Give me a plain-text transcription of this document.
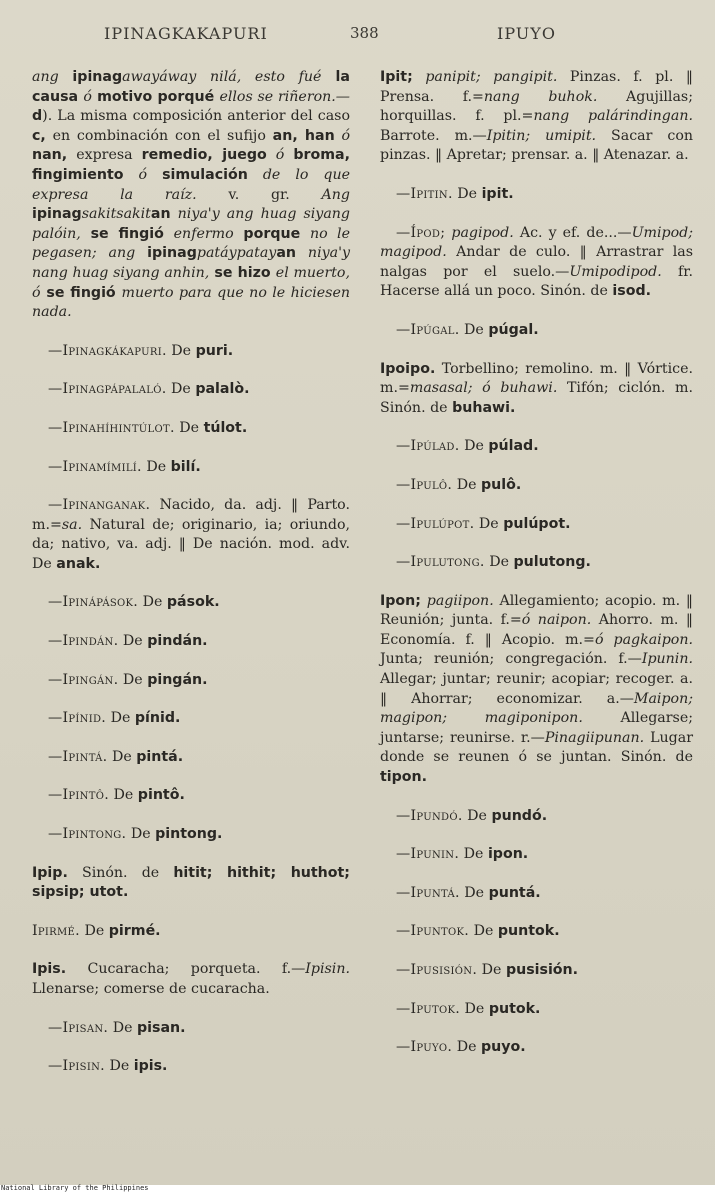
IPINAGKAKAPURI	388	IPUYO

ang ipinagawayáway nilá, esto fué la causa ó motivo porqué ellos se riñeron.—d). La misma composición anterior del caso c, en combinación con el sufijo an, han ó nan, expresa remedio, juego ó broma, fingimiento ó simulación de lo que expresa la raíz. v. gr. Ang ipinagsakitsakitan niya'y ang huag siyang palóin, se fingió enfermo porque no le pegasen; ang ipinagpatáypatayan niya'y nang huag siyang anhin, se hizo el muerto, ó se fingió muerto para que no le hiciesen nada.

—Ipinagkákapuri. De puri.

—Ipinagpápalaló. De palalò.

—Ipinahíhintúlot. De túlot.

—Ipinamímilí. De bilí.

—Ipinanganak. Nacido, da. adj. ‖ Parto. m.=sa. Natural de; originario, ia; oriundo, da; nativo, va. adj. ‖ De nación. mod. adv. De anak.

—Ipinápások. De pások.

—Ipindán. De pindán.

—Ipingán. De pingán.

—Ipínid. De pínid.

—Ipintá. De pintá.

—Ipintô. De pintô.

—Ipintong. De pintong.

Ipip. Sinón. de hitit; hithit; huthot; sipsip; utot.

Ipirmé. De pirmé.

Ipis. Cucaracha; porqueta. f.—Ipisin. Llenarse; comerse de cucaracha.

—Ipisan. De pisan.

—Ipisin. De ipis.

Ipit; panipit; pangipit. Pinzas. f. pl. ‖ Prensa. f.=nang buhok. Agujillas; horquillas. f. pl.=nang palárindingan. Barrote. m.—Ipitin; umipit. Sacar con pinzas. ‖ Apretar; prensar. a. ‖ Atenazar. a.

—Ipitin. De ipit.

—Ípod; pagipod. Ac. y ef. de...—Umipod; magipod. Andar de culo. ‖ Arrastrar las nalgas por el suelo.—Umipodipod. fr. Hacerse allá un poco. Sinón. de isod.

—Ipúgal. De púgal.

Ipoipo. Torbellino; remolino. m. ‖ Vórtice. m.=masasal; ó buhawi. Tifón; ciclón. m. Sinón. de buhawi.

—Ipúlad. De púlad.

—Ipulô. De pulô.

—Ipulúpot. De pulúpot.

—Ipulutong. De pulutong.

Ipon; pagiipon. Allegamiento; acopio. m. ‖ Reunión; junta. f.=ó naipon. Ahorro. m. ‖ Economía. f. ‖ Acopio. m.=ó pagkaipon. Junta; reunión; congregación. f.—Ipunin. Allegar; juntar; reunir; acopiar; recoger. a. ‖ Ahorrar; economizar. a.—Maipon; magipon; magiponipon. Allegarse; juntarse; reunirse. r.—Pinagiipunan. Lugar donde se reunen ó se juntan. Sinón. de tipon.

—Ipundó. De pundó.

—Ipunin. De ipon.

—Ipuntá. De puntá.

—Ipuntok. De puntok.

—Ipusisión. De pusisión.

—Iputok. De putok.

—Ipuyo. De puyo.

National Library of the Philippines
